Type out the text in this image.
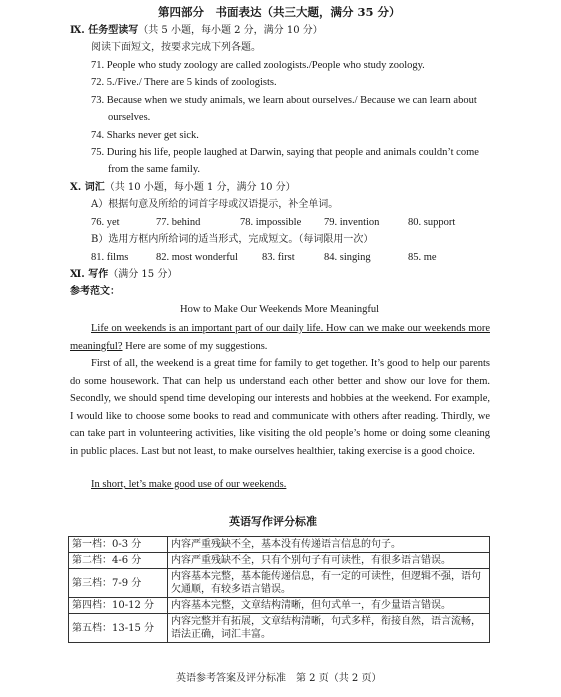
第四部分　书面表达（共三大题，满分 35 分）
Ⅸ. 任务型读写（共 5 小题，每小题 2 分，满分 10 分）
阅读下面短文，按要求完成下列各题。
71. People who study zoology are called zoologists./People who study zoology.
72. 5./Five./ There are 5 kinds of zoologists.
73. Because when we study animals, we learn about ourselves./ Because we can learn about
ourselves.
74. Sharks never get sick.
75. During his life, people laughed at Darwin, saying that people and animals couldn’t come
from the same family.
Ⅹ. 词汇（共 10 小题，每小题 1 分，满分 10 分）
A）根据句意及所给的词首字母或汉语提示，补全单词。
76. yet	77. behind	78. impossible 79. invention	80. support
B）选用方框内所给词的适当形式，完成短文。（每词限用一次）
81. films	82. most wonderful 83. first	84. singing	85. me
Ⅺ. 写作（满分 15 分）
参考范文：
How to Make Our Weekends More Meaningful
Life on weekends is an important part of our daily life. How can we make our weekends more meaningful? Here are some of my suggestions.
First of all, the weekend is a great time for family to get together. It’s good to help our parents do some housework. That can help us understand each other better and show our love for them. Secondly, we should spend time developing our interests and hobbies at the weekend. For example, I would like to choose some books to read and communicate with others after reading. Thirdly, we can take part in volunteering activities, like visiting the old people’s home or doing some cleaning in public places. Last but not least, to make ourselves healthier, taking exercise is a good choice.
In short, let’s make good use of our weekends.
英语写作评分标准
第一档：0-3 分	内容严重残缺不全，基本没有传递语言信息的句子。
第二档：4-6 分	内容严重残缺不全，只有个别句子有可读性，有很多语言错误。
第三档：7-9 分	内容基本完整，基本能传递信息，有一定的可读性，但逻辑不强，语句欠通顺，有较多语言错误。
第四档：10-12 分	内容基本完整，文章结构清晰，但句式单一，有少量语言错误。
第五档：13-15 分	内容完整并有拓展，文章结构清晰，句式多样，衔接自然，语言流畅，语法正确，词汇丰富。
英语参考答案及评分标准　第 2 页（共 2 页）
